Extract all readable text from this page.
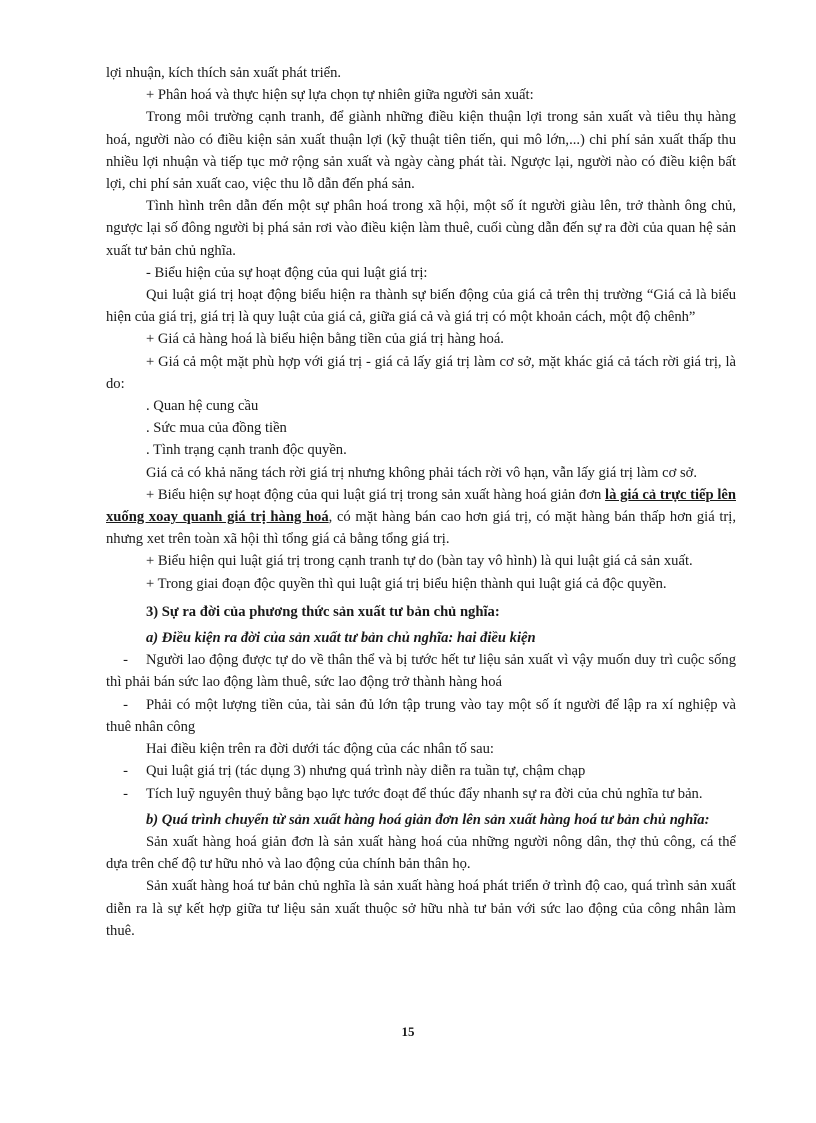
lợi nhuận, kích thích sản xuất phát triển.

+ Phân hoá và thực hiện sự lựa chọn tự nhiên giữa người sản xuất:

Trong môi trường cạnh tranh, để giành những điều kiện thuận lợi trong sản xuất và tiêu thụ hàng hoá, người nào có điều kiện sản xuất thuận lợi (kỹ thuật tiên tiến, qui mô lớn,...) chi phí sản xuất thấp thu nhiều lợi nhuận và tiếp tục mở rộng sản xuất và ngày càng phát tài. Ngược lại, người nào có điều kiện bất lợi, chi phí sản xuất cao, việc thu lỗ dẫn đến phá sản.

Tình hình trên dẫn đến một sự phân hoá trong xã hội, một số ít người giàu lên, trở thành ông chủ, ngược lại số đông người bị phá sản rơi vào điều kiện làm thuê, cuối cùng dẫn đến sự ra đời của quan hệ sản xuất tư bản chủ nghĩa.

- Biểu hiện của sự hoạt động của qui luật giá trị:

Qui luật giá trị hoạt động biểu hiện ra thành sự biến động của giá cả trên thị trường “Giá cả là biểu hiện của giá trị, giá trị là quy luật của giá cả, giữa giá cả và giá trị có một khoản cách, một độ chênh”

+ Giá cả hàng hoá là biểu hiện bằng tiền của giá trị hàng hoá.

+ Giá cả một mặt phù hợp với giá trị - giá cả lấy giá trị làm cơ sở, mặt khác giá cả tách rời giá trị, là do:

. Quan hệ cung cầu

. Sức mua của đồng tiền

. Tình trạng cạnh tranh độc quyền.

Giá cả có khả năng tách rời giá trị nhưng không phải tách rời vô hạn, vẫn lấy giá trị làm cơ sở.

+ Biểu hiện sự hoạt động của qui luật giá trị trong sản xuất hàng hoá giản đơn là giá cả trực tiếp lên xuống xoay quanh giá trị hàng hoá, có mặt hàng bán cao hơn giá trị, có mặt hàng bán thấp hơn giá trị, nhưng xet trên toàn xã hội thì tổng giá cả bằng tổng giá trị.

+ Biểu hiện qui luật giá trị trong cạnh tranh tự do (bàn tay vô hình) là qui luật giá cả sản xuất.

+ Trong giai đoạn độc quyền thì qui luật giá trị biểu hiện thành qui luật giá cả độc quyền.

3) Sự ra đời của phương thức sản xuất tư bản chủ nghĩa:

a) Điều kiện ra đời của sản xuất tư bản chủ nghĩa: hai điều kiện

- Người lao động được tự do về thân thể và bị tước hết tư liệu sản xuất vì vậy muốn duy trì cuộc sống thì phải bán sức lao động làm thuê, sức lao động trở thành hàng hoá

- Phải có một lượng tiền của, tài sản đủ lớn tập trung vào tay một số ít người để lập ra xí nghiệp và thuê nhân công

Hai điều kiện trên ra đời dưới tác động của các nhân tố sau:

- Qui luật giá trị (tác dụng 3) nhưng quá trình này diễn ra tuần tự, chậm chạp

- Tích luỹ nguyên thuỷ bằng bạo lực tước đoạt để thúc đẩy nhanh sự ra đời của chủ nghĩa tư bản.

b) Quá trình chuyển từ sản xuất hàng hoá giản đơn lên sản xuất hàng hoá tư bản chủ nghĩa:

Sản xuất hàng hoá giản đơn là sản xuất hàng hoá của những người nông dân, thợ thủ công, cá thể dựa trên chế độ tư hữu nhỏ và lao động của chính bản thân họ.

Sản xuất hàng hoá tư bản chủ nghĩa là sản xuất hàng hoá phát triển ở trình độ cao, quá trình sản xuất diễn ra là sự kết hợp giữa tư liệu sản xuất thuộc sở hữu nhà tư bản với sức lao động của công nhân làm thuê.

15
